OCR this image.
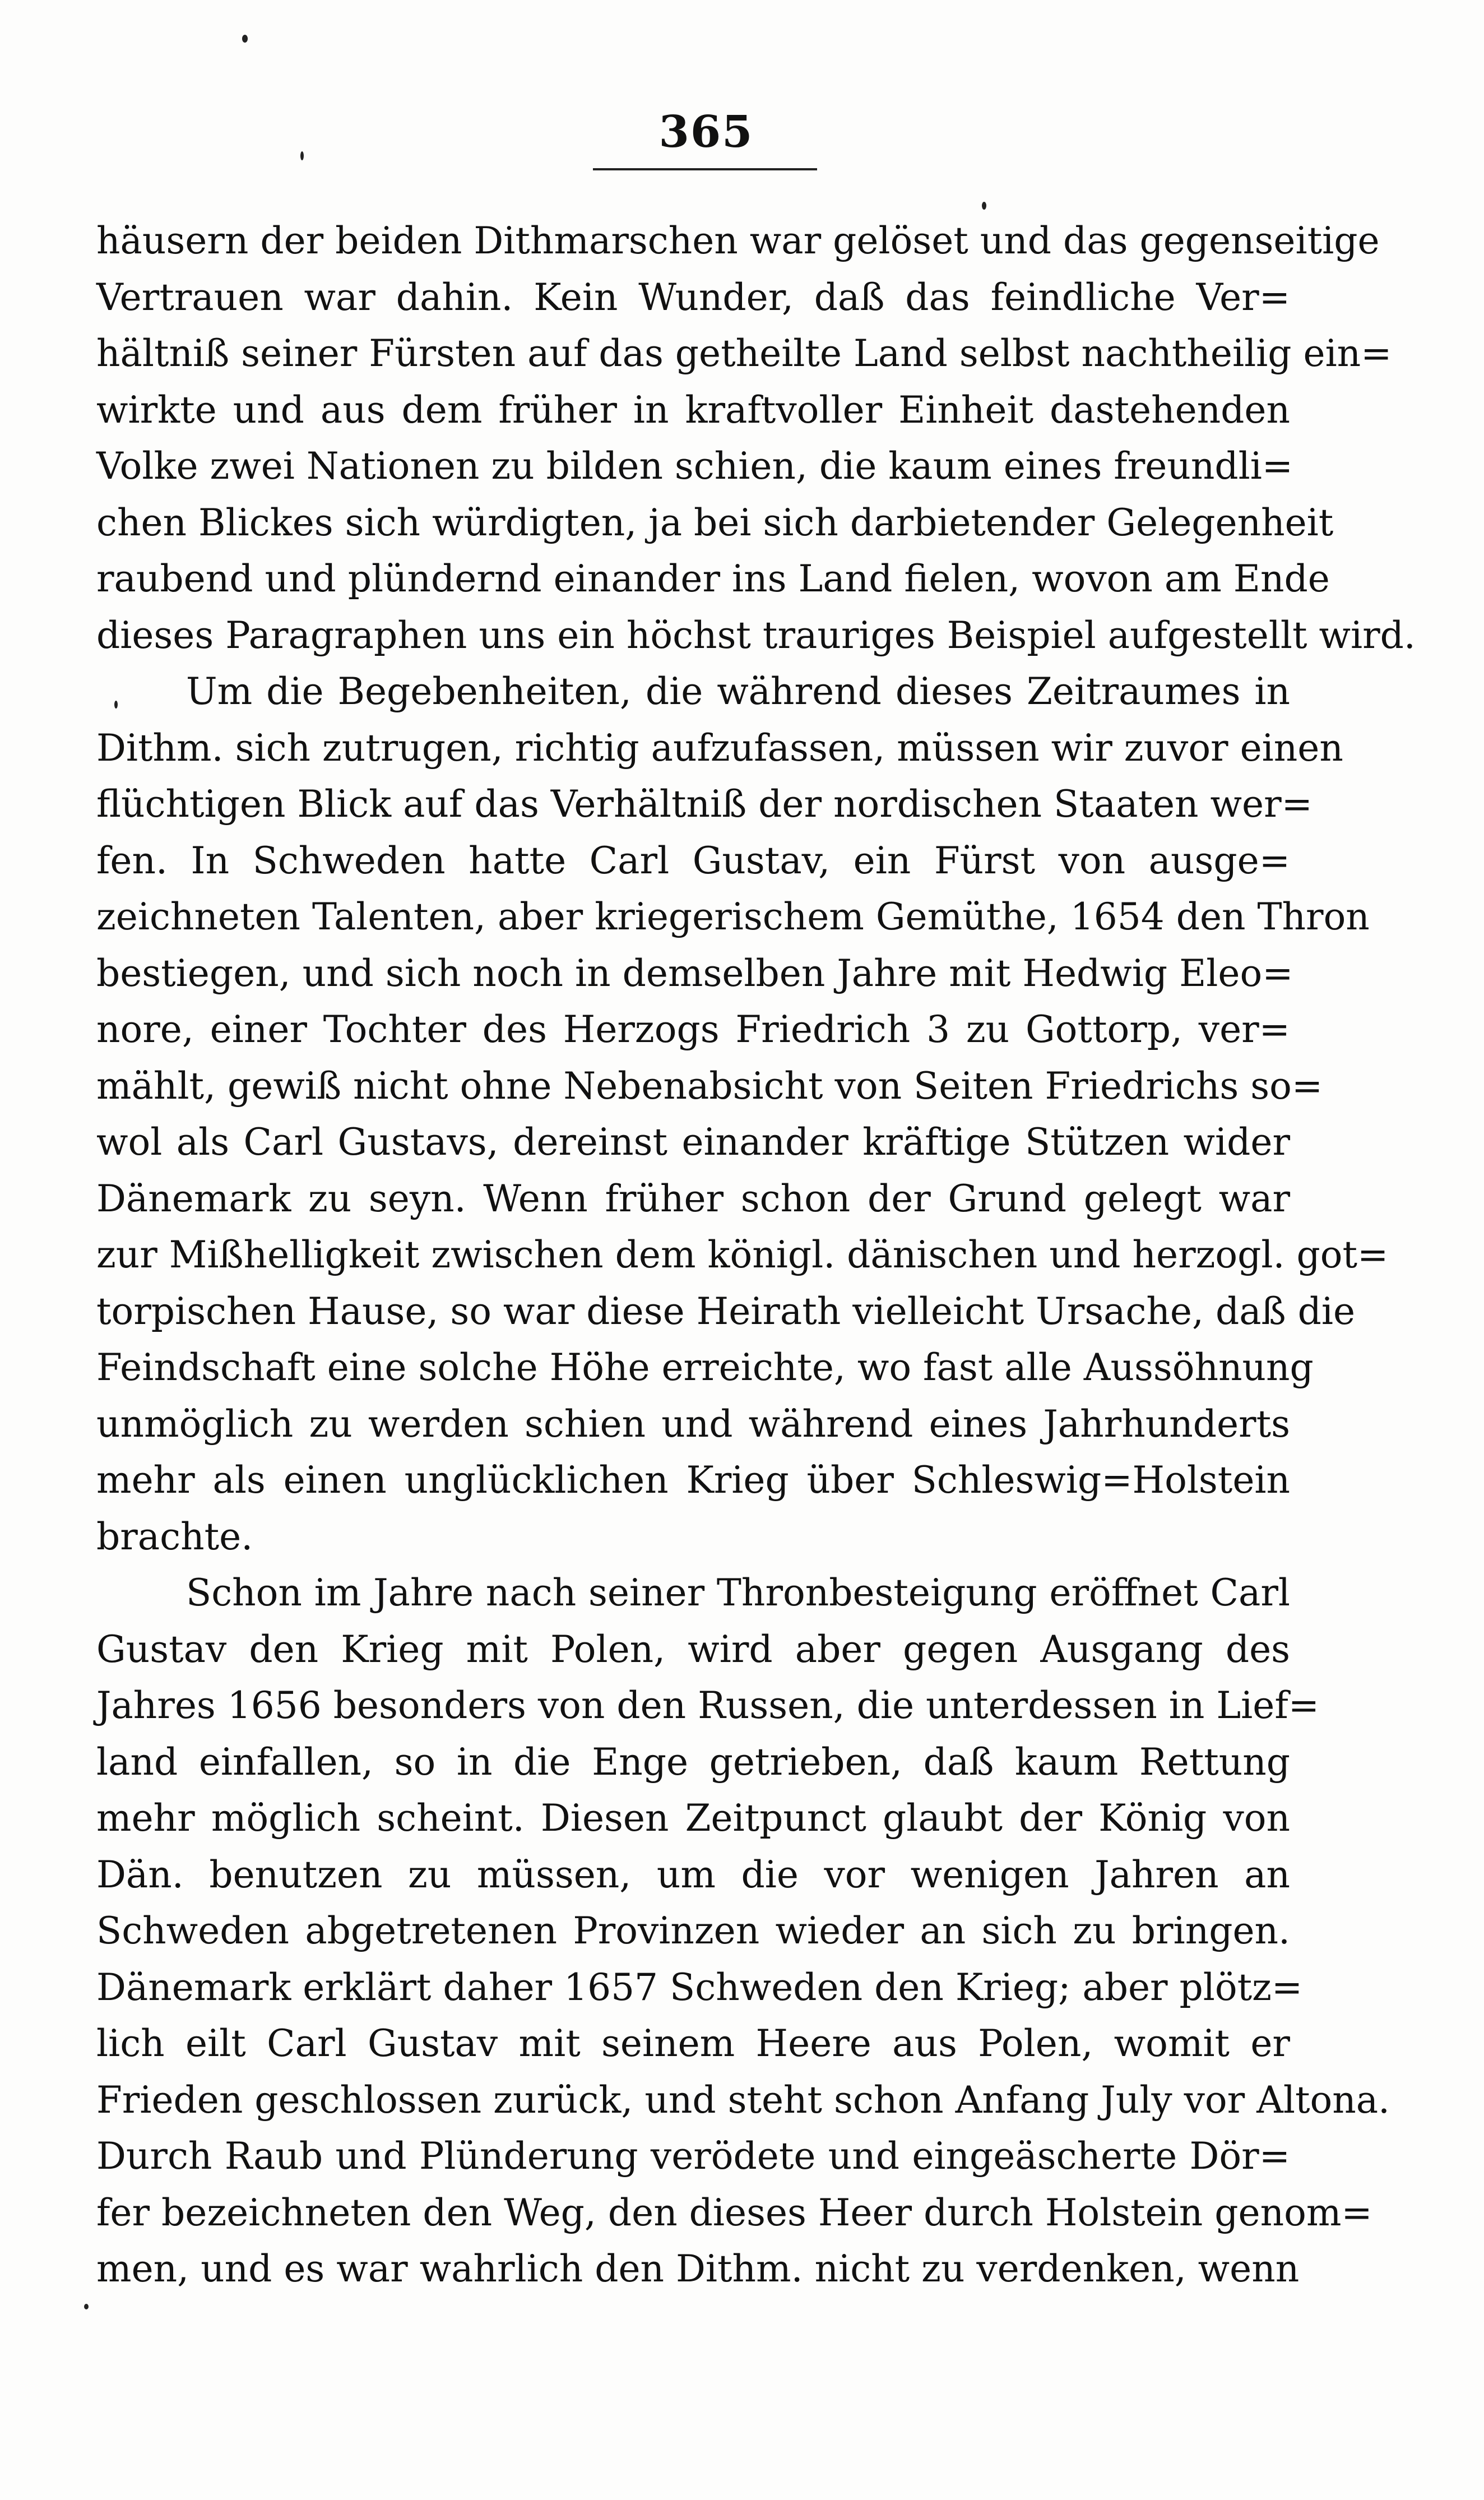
365
häusern der beiden Dithmarschen war gelöset und das gegenseitige
Vertrauen war dahin. Kein Wunder, daß das feindliche Ver=
hältniß seiner Fürsten auf das getheilte Land selbst nachtheilig ein=
wirkte und aus dem früher in kraftvoller Einheit dastehenden
Volke zwei Nationen zu bilden schien, die kaum eines freundli=
chen Blickes sich würdigten, ja bei sich darbietender Gelegenheit
raubend und plündernd einander ins Land fielen, wovon am Ende
dieses Paragraphen uns ein höchst trauriges Beispiel aufgestellt wird.
Um die Begebenheiten, die während dieses Zeitraumes in
Dithm. sich zutrugen, richtig aufzufassen, müssen wir zuvor einen
flüchtigen Blick auf das Verhältniß der nordischen Staaten wer=
fen. In Schweden hatte Carl Gustav, ein Fürst von ausge=
zeichneten Talenten, aber kriegerischem Gemüthe, 1654 den Thron
bestiegen, und sich noch in demselben Jahre mit Hedwig Eleo=
nore, einer Tochter des Herzogs Friedrich 3 zu Gottorp, ver=
mählt, gewiß nicht ohne Nebenabsicht von Seiten Friedrichs so=
wol als Carl Gustavs, dereinst einander kräftige Stützen wider
Dänemark zu seyn. Wenn früher schon der Grund gelegt war
zur Mißhelligkeit zwischen dem königl. dänischen und herzogl. got=
torpischen Hause, so war diese Heirath vielleicht Ursache, daß die
Feindschaft eine solche Höhe erreichte, wo fast alle Aussöhnung
unmöglich zu werden schien und während eines Jahrhunderts
mehr als einen unglücklichen Krieg über Schleswig=Holstein
brachte.
Schon im Jahre nach seiner Thronbesteigung eröffnet Carl
Gustav den Krieg mit Polen, wird aber gegen Ausgang des
Jahres 1656 besonders von den Russen, die unterdessen in Lief=
land einfallen, so in die Enge getrieben, daß kaum Rettung
mehr möglich scheint. Diesen Zeitpunct glaubt der König von
Dän. benutzen zu müssen, um die vor wenigen Jahren an
Schweden abgetretenen Provinzen wieder an sich zu bringen.
Dänemark erklärt daher 1657 Schweden den Krieg; aber plötz=
lich eilt Carl Gustav mit seinem Heere aus Polen, womit er
Frieden geschlossen zurück, und steht schon Anfang July vor Altona.
Durch Raub und Plünderung verödete und eingeäscherte Dör=
fer bezeichneten den Weg, den dieses Heer durch Holstein genom=
men, und es war wahrlich den Dithm. nicht zu verdenken, wenn
